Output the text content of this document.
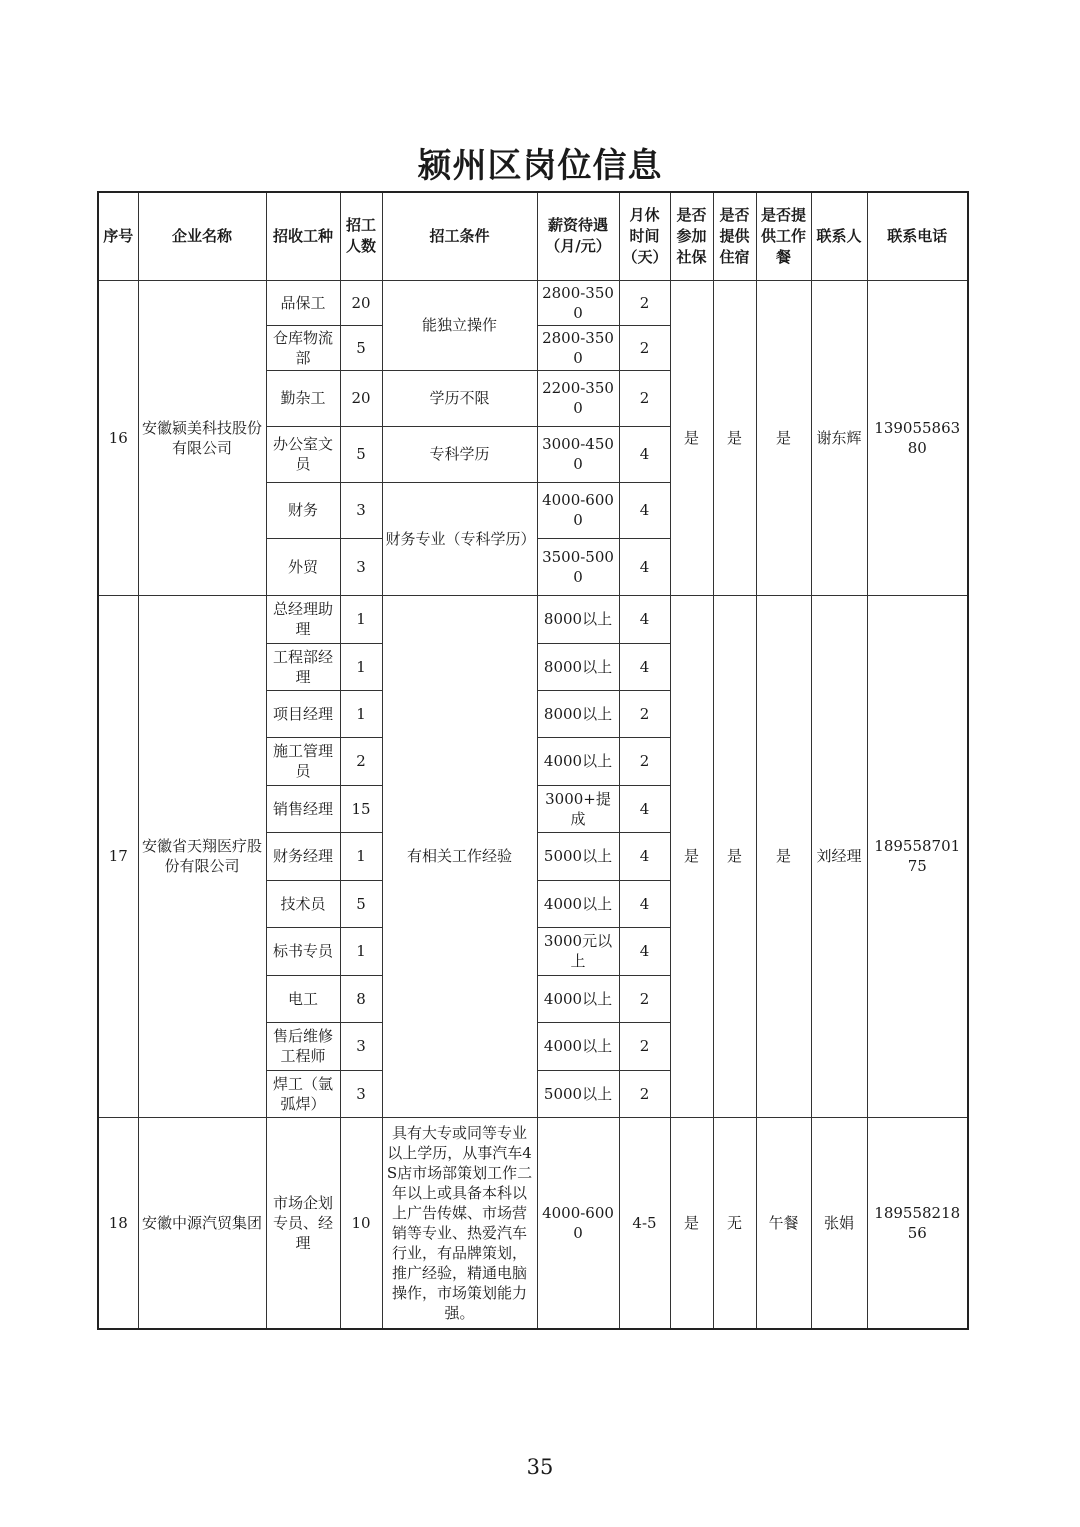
颍州区岗位信息
序号	企业名称	招收工种	招工人数	招工条件	薪资待遇（月/元）	月休时间（天）	是否参加社保	是否提供住宿	是否提供工作餐	联系人	联系电话
16	安徽颍美科技股份有限公司	品保工	20	能独立操作	2800-3500	2	是	是	是	谢东辉	13905586380
		仓库物流部	5		2800-3500	2					
		勤杂工	20	学历不限	2200-3500	2					
		办公室文员	5	专科学历	3000-4500	4					
		财务	3	财务专业（专科学历）	4000-6000	4					
		外贸	3		3500-5000	4					
17	安徽省天翔医疗股份有限公司	总经理助理	1	有相关工作经验	8000以上	4	是	是	是	刘经理	18955870175
		工程部经理	1		8000以上	4					
		项目经理	1		8000以上	2					
		施工管理员	2		4000以上	2					
		销售经理	15		3000+提成	4					
		财务经理	1		5000以上	4					
		技术员	5		4000以上	4					
		标书专员	1		3000元以上	4					
		电工	8		4000以上	2					
		售后维修工程师	3		4000以上	2					
		焊工（氩弧焊）	3		5000以上	2					
18	安徽中源汽贸集团	市场企划专员、经理	10	具有大专或同等专业以上学历，从事汽车4S店市场部策划工作二年以上或具备本科以上广告传媒、市场营销等专业、热爱汽车行业，有品牌策划，推广经验，精通电脑操作，市场策划能力强。	4000-6000	4-5	是	无	午餐	张娟	18955821856
35
